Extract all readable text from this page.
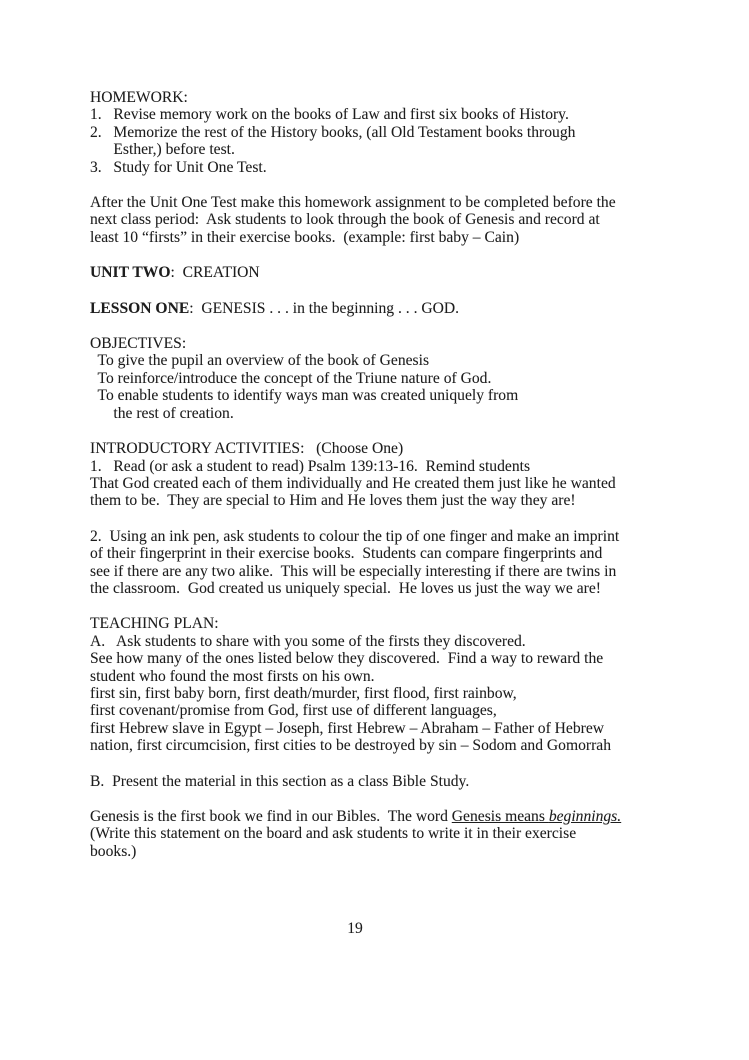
HOMEWORK:
1.   Revise memory work on the books of Law and first six books of History.
2.   Memorize the rest of the History books, (all Old Testament books through
Esther,) before test.
3.   Study for Unit One Test.
After the Unit One Test make this homework assignment to be completed before the
next class period:  Ask students to look through the book of Genesis and record at
least 10 “firsts” in their exercise books.  (example: first baby – Cain)
UNIT TWO:  CREATION
LESSON ONE:  GENESIS . . . in the beginning . . . GOD.
OBJECTIVES:
To give the pupil an overview of the book of Genesis
To reinforce/introduce the concept of the Triune nature of God.
To enable students to identify ways man was created uniquely from
the rest of creation.
INTRODUCTORY ACTIVITIES:   (Choose One)
1.   Read (or ask a student to read) Psalm 139:13-16.  Remind students
That God created each of them individually and He created them just like he wanted
them to be.  They are special to Him and He loves them just the way they are!
2.  Using an ink pen, ask students to colour the tip of one finger and make an imprint
of their fingerprint in their exercise books.  Students can compare fingerprints and
see if there are any two alike.  This will be especially interesting if there are twins in
the classroom.  God created us uniquely special.  He loves us just the way we are!
TEACHING PLAN:
A.   Ask students to share with you some of the firsts they discovered.
See how many of the ones listed below they discovered.  Find a way to reward the
student who found the most firsts on his own.
first sin, first baby born, first death/murder, first flood, first rainbow,
first covenant/promise from God, first use of different languages,
first Hebrew slave in Egypt – Joseph, first Hebrew – Abraham – Father of Hebrew
nation, first circumcision, first cities to be destroyed by sin – Sodom and Gomorrah
B.  Present the material in this section as a class Bible Study.
Genesis is the first book we find in our Bibles.  The word Genesis means beginnings.
(Write this statement on the board and ask students to write it in their exercise
books.)
19
